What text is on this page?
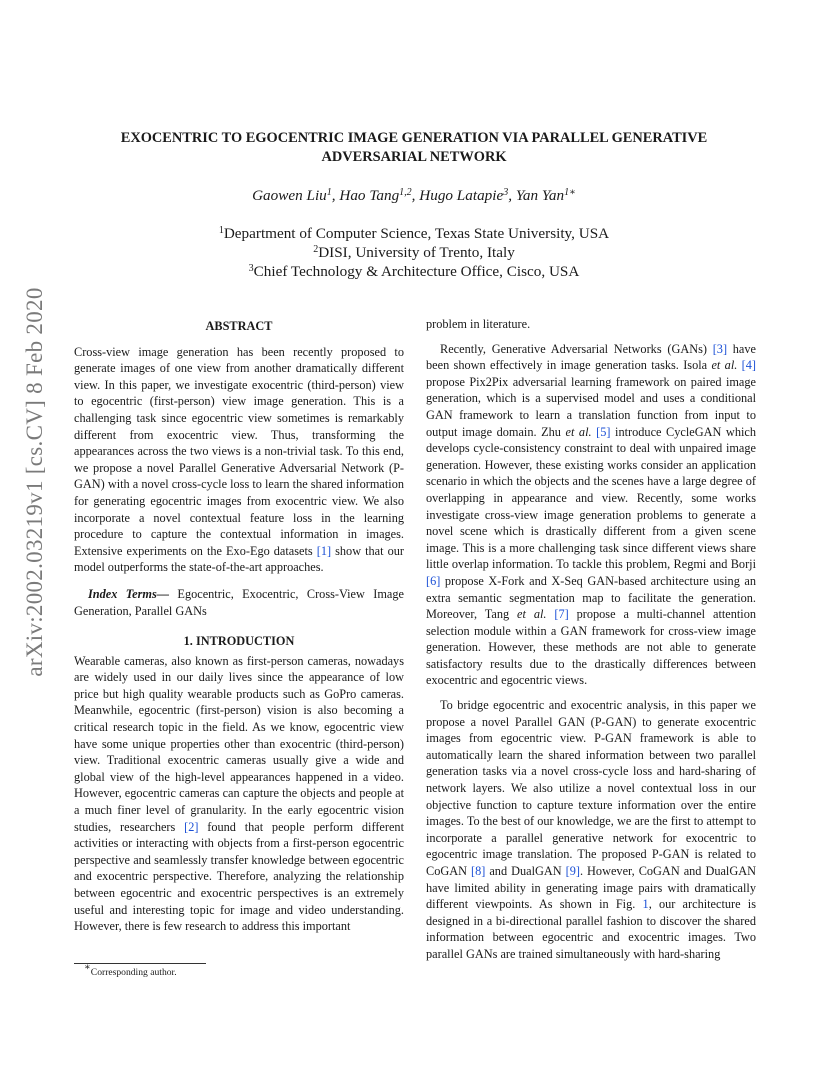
arXiv:2002.03219v1 [cs.CV] 8 Feb 2020
EXOCENTRIC TO EGOCENTRIC IMAGE GENERATION VIA PARALLEL GENERATIVE
ADVERSARIAL NETWORK

Gaowen Liu$^1$, Hao Tang$^{1,2}$, Hugo Latapie$^3$, Yan Yan$^{1∗}$

$^1$Department of Computer Science, Texas State University, USA

$^2$DISI, University of Trento, Italy

$^3$Chief Technology & Architecture Office, Cisco, USA

ABSTRACT

Cross-view image generation has been recently proposed to generate images of one view from another dramatically different view. In this paper, we investigate exocentric (third-person) view to egocentric (first-person) view image generation. This is a challenging task since egocentric view sometimes is remarkably different from exocentric view. Thus, transforming the appearances across the two views is a non-trivial task. To this end, we propose a novel Parallel Generative Adversarial Network (P-GAN) with a novel cross-cycle loss to learn the shared information for generating egocentric images from exocentric view. We also incorporate a novel contextual feature loss in the learning procedure to capture the contextual information in images. Extensive experiments on the Exo-Ego datasets [1] show that our model outperforms the state-of-the-art approaches.

Index Terms— Egocentric, Exocentric, Cross-View Image Generation, Parallel GANs

1. INTRODUCTION

Wearable cameras, also known as first-person cameras, nowadays are widely used in our daily lives since the appearance of low price but high quality wearable products such as GoPro cameras. Meanwhile, egocentric (first-person) vision is also becoming a critical research topic in the field. As we know, egocentric view have some unique properties other than exocentric (third-person) view. Traditional exocentric cameras usually give a wide and global view of the high-level appearances happened in a video. However, egocentric cameras can capture the objects and people at a much finer level of granularity. In the early egocentric vision studies, researchers [2] found that people perform different activities or interacting with objects from a first-person egocentric perspective and seamlessly transfer knowledge between egocentric and exocentric perspective. Therefore, analyzing the relationship between egocentric and exocentric perspectives is an extremely useful and interesting topic for image and video understanding. However, there is few research to address this important

problem in literature.

Recently, Generative Adversarial Networks (GANs) [3] have been shown effectively in image generation tasks. Isola et al. [4] propose Pix2Pix adversarial learning framework on paired image generation, which is a supervised model and uses a conditional GAN framework to learn a translation function from input to output image domain. Zhu et al. [5] introduce CycleGAN which develops cycle-consistency constraint to deal with unpaired image generation. However, these existing works consider an application scenario in which the objects and the scenes have a large degree of overlapping in appearance and view. Recently, some works investigate cross-view image generation problems to generate a novel scene which is drastically different from a given scene image. This is a more challenging task since different views share little overlap information. To tackle this problem, Regmi and Borji [6] propose X-Fork and X-Seq GAN-based architecture using an extra semantic segmentation map to facilitate the generation. Moreover, Tang et al. [7] propose a multi-channel attention selection module within a GAN framework for cross-view image generation. However, these methods are not able to generate satisfactory results due to the drastically differences between exocentric and egocentric views.

To bridge egocentric and exocentric analysis, in this paper we propose a novel Parallel GAN (P-GAN) to generate exocentric images from egocentric view. P-GAN framework is able to automatically learn the shared information between two parallel generation tasks via a novel cross-cycle loss and hard-sharing of network layers. We also utilize a novel contextual loss in our objective function to capture texture information over the entire images. To the best of our knowledge, we are the first to attempt to incorporate a parallel generative network for exocentric to egocentric image translation. The proposed P-GAN is related to CoGAN [8] and DualGAN [9]. However, CoGAN and DualGAN have limited ability in generating image pairs with dramatically different viewpoints. As shown in Fig. 1, our architecture is designed in a bi-directional parallel fashion to discover the shared information between egocentric and exocentric images. Two parallel GANs are trained simultaneously with hard-sharing

∗Corresponding author.
